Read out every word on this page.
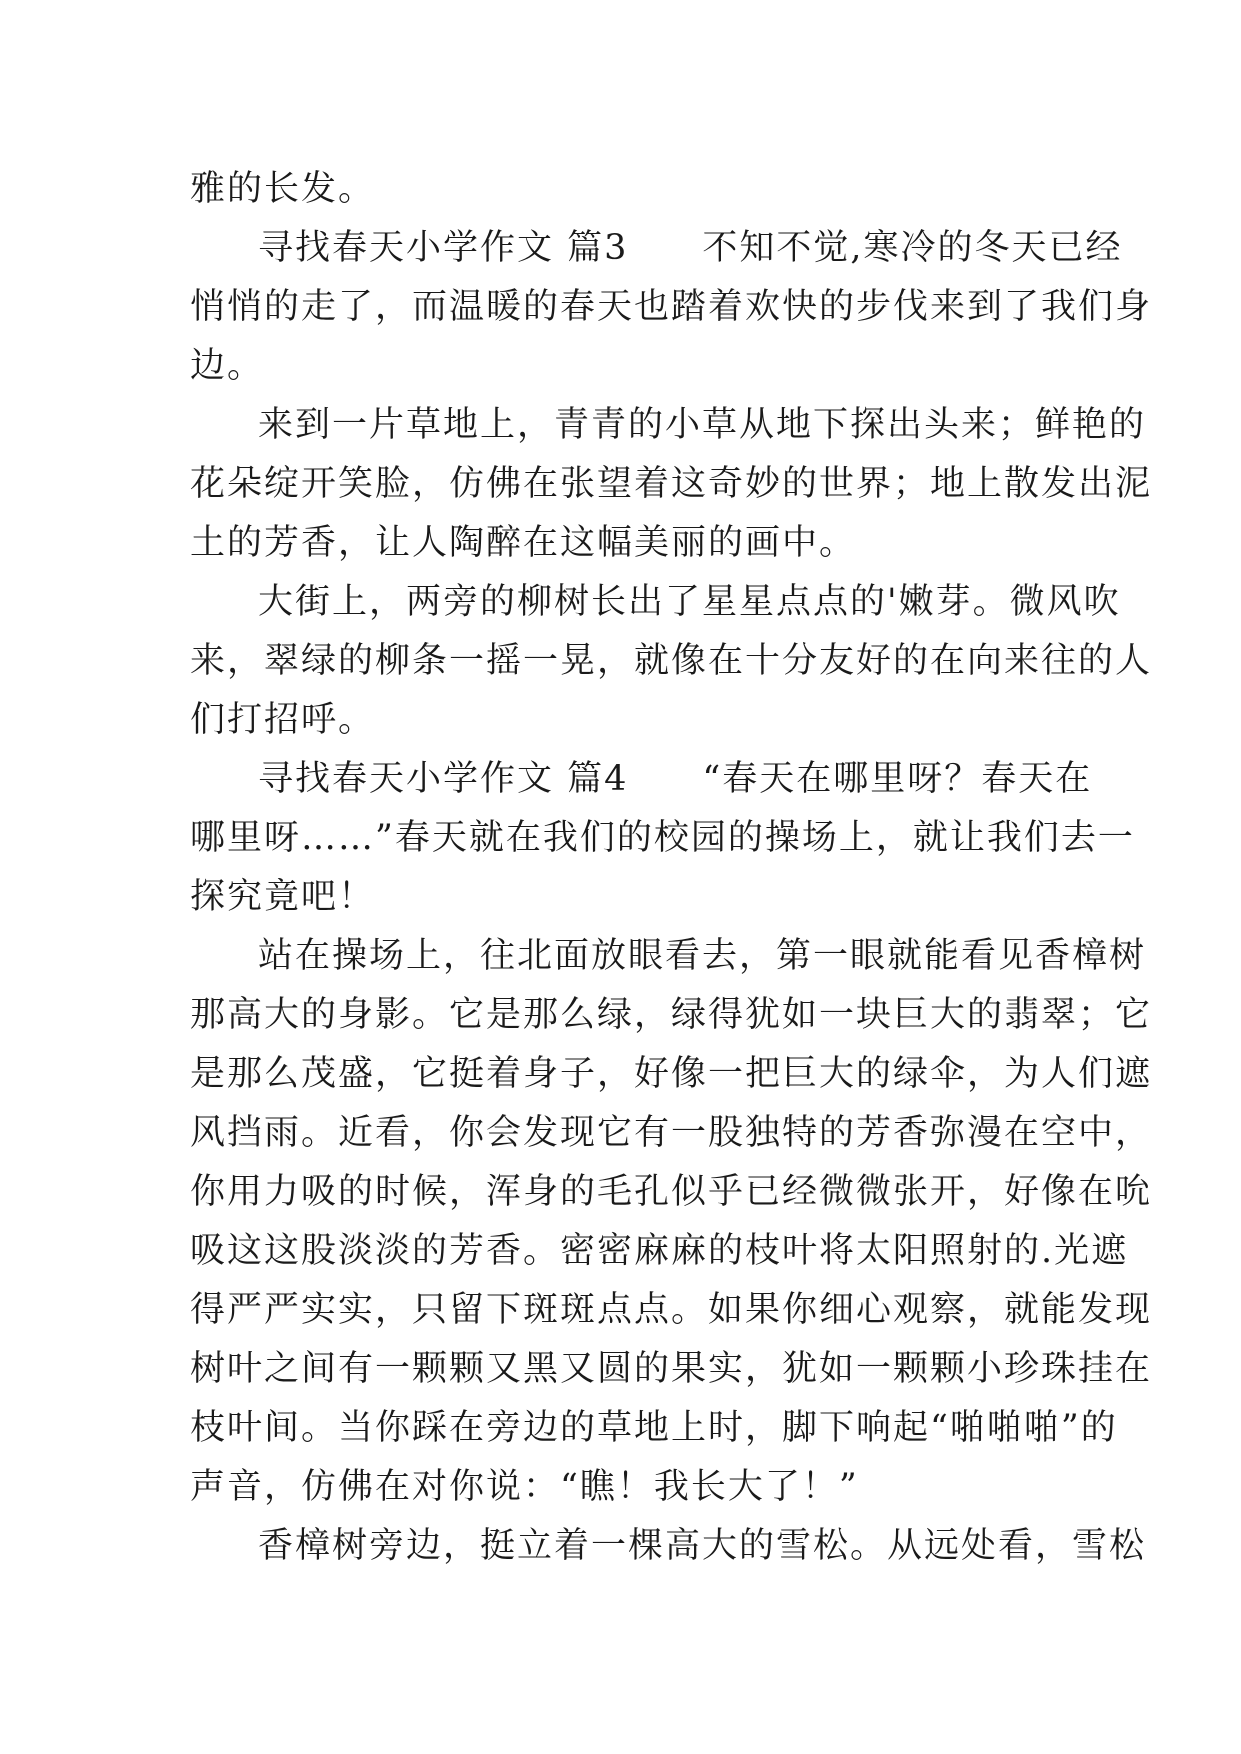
雅的长发。
寻找春天小学作文 篇3　　不知不觉,寒冷的冬天已经
悄悄的走了，而温暖的春天也踏着欢快的步伐来到了我们身
边。
来到一片草地上，青青的小草从地下探出头来；鲜艳的
花朵绽开笑脸，仿佛在张望着这奇妙的世界；地上散发出泥
土的芳香，让人陶醉在这幅美丽的画中。
大街上，两旁的柳树长出了星星点点的'嫩芽。微风吹
来，翠绿的柳条一摇一晃，就像在十分友好的在向来往的人
们打招呼。
寻找春天小学作文 篇4　　“春天在哪里呀？春天在
哪里呀……”春天就在我们的校园的操场上，就让我们去一
探究竟吧！
站在操场上，往北面放眼看去，第一眼就能看见香樟树
那高大的身影。它是那么绿，绿得犹如一块巨大的翡翠；它
是那么茂盛，它挺着身子，好像一把巨大的绿伞，为人们遮
风挡雨。近看，你会发现它有一股独特的芳香弥漫在空中，
你用力吸的时候，浑身的毛孔似乎已经微微张开，好像在吮
吸这这股淡淡的芳香。密密麻麻的枝叶将太阳照射的.光遮
得严严实实，只留下斑斑点点。如果你细心观察，就能发现
树叶之间有一颗颗又黑又圆的果实，犹如一颗颗小珍珠挂在
枝叶间。当你踩在旁边的草地上时，脚下响起“啪啪啪”的
声音，仿佛在对你说：“瞧！我长大了！”
香樟树旁边，挺立着一棵高大的雪松。从远处看，雪松
